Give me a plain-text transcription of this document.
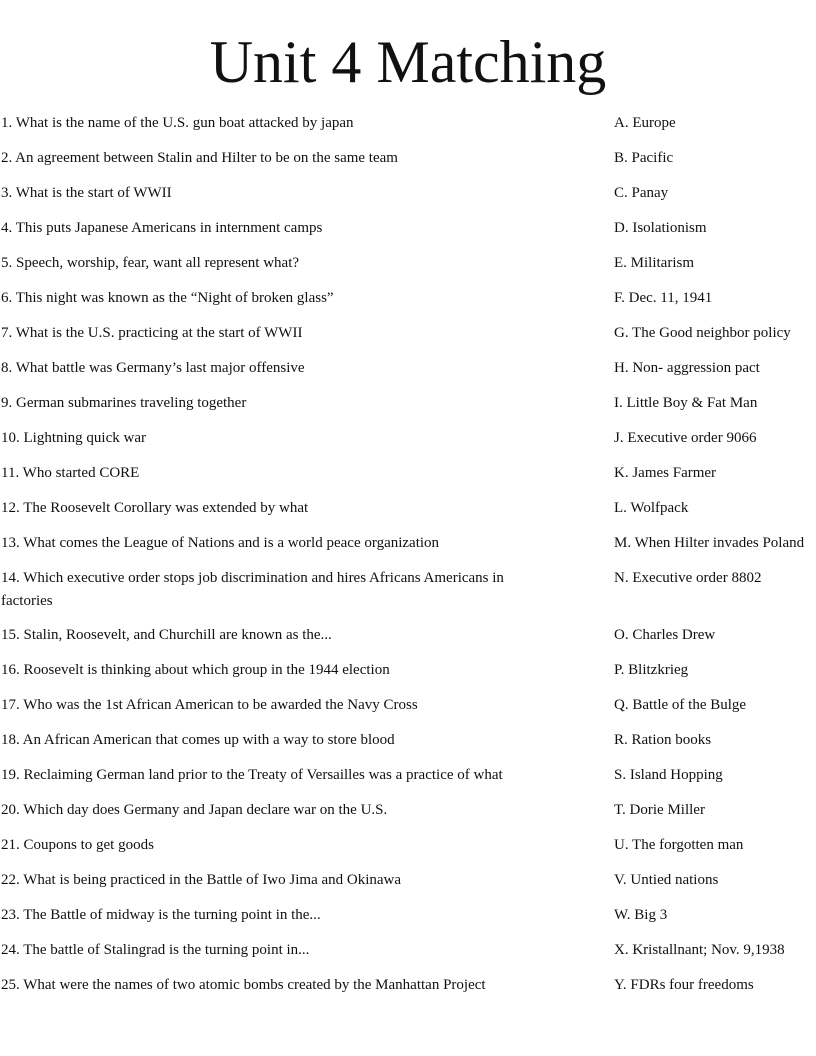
Unit 4 Matching
1. What is the name of the U.S. gun boat attacked by japan	A. Europe
2. An agreement between Stalin and Hilter to be on the same team	B. Pacific
3. What is the start of WWII	C. Panay
4. This puts Japanese Americans in internment camps	D. Isolationism
5. Speech, worship, fear, want all represent what?	E. Militarism
6. This night was known as the “Night of broken glass”	F. Dec. 11, 1941
7. What is the U.S. practicing at the start of WWII	G. The Good neighbor policy
8. What battle was Germany’s last major offensive	H. Non- aggression pact
9. German submarines traveling together	I. Little Boy & Fat Man
10. Lightning quick war	J. Executive order 9066
11. Who started CORE	K. James Farmer
12. The Roosevelt Corollary was extended by what	L. Wolfpack
13. What comes the League of Nations and is a world peace organization	M. When Hilter invades Poland
14. Which executive order stops job discrimination and hires Africans Americans in factories
N. Executive order 8802
15. Stalin, Roosevelt, and Churchill are known as the...	O. Charles Drew
16. Roosevelt is thinking about which group in the 1944 election	P. Blitzkrieg
17. Who was the 1st African American to be awarded the Navy Cross	Q. Battle of the Bulge
18. An African American that comes up with a way to store blood	R. Ration books
19. Reclaiming German land prior to the Treaty of Versailles was a practice of what	S. Island Hopping
20. Which day does Germany and Japan declare war on the U.S.	T. Dorie Miller
21. Coupons to get goods	U. The forgotten man
22. What is being practiced in the Battle of Iwo Jima and Okinawa	V. Untied nations
23. The Battle of midway is the turning point in the...	W. Big 3
24. The battle of Stalingrad is the turning point in...	X. Kristallnant; Nov. 9,1938
25. What were the names of two atomic bombs created by the Manhattan Project	Y. FDRs four freedoms
